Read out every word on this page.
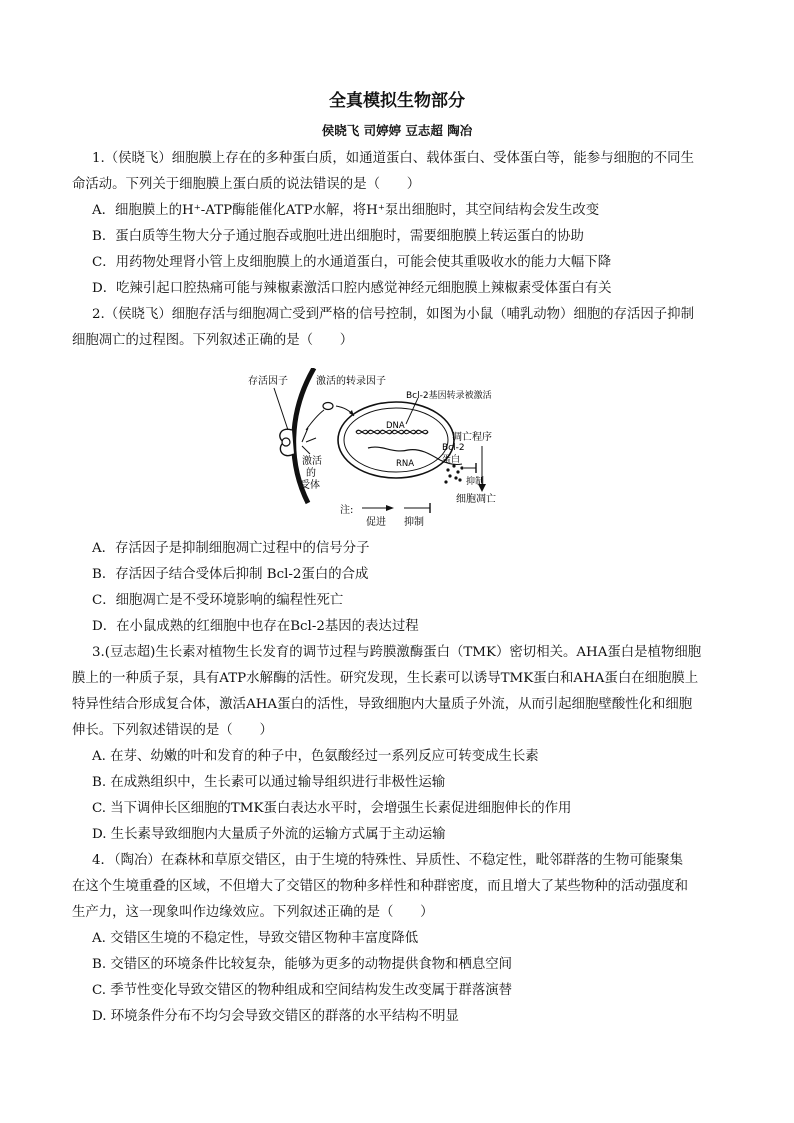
全真模拟生物部分
侯晓飞 司婷婷 豆志超 陶冶
1.（侯晓飞）细胞膜上存在的多种蛋白质，如通道蛋白、载体蛋白、受体蛋白等，能参与细胞的不同生
命活动。下列关于细胞膜上蛋白质的说法错误的是（　　）
A．细胞膜上的H⁺-ATP酶能催化ATP水解，将H⁺泵出细胞时，其空间结构会发生改变
B．蛋白质等生物大分子通过胞吞或胞吐进出细胞时，需要细胞膜上转运蛋白的协助
C．用药物处理肾小管上皮细胞膜上的水通道蛋白，可能会使其重吸收水的能力大幅下降
D．吃辣引起口腔热痛可能与辣椒素激活口腔内感觉神经元细胞膜上辣椒素受体蛋白有关
2.（侯晓飞）细胞存活与细胞凋亡受到严格的信号控制，如图为小鼠（哺乳动物）细胞的存活因子抑制
细胞凋亡的过程图。下列叙述正确的是（　　）
存活因子	激活的转录因子
Bcl-2基因转录被激活
DNA
RNA
凋亡程序
Bcl-2
蛋白
抑制
细胞凋亡
激活
的
受体
注:
促进 抑制
A．存活因子是抑制细胞凋亡过程中的信号分子
B．存活因子结合受体后抑制 Bcl-2蛋白的合成
C．细胞凋亡是不受环境影响的编程性死亡
D．在小鼠成熟的红细胞中也存在Bcl-2基因的表达过程
3.(豆志超)生长素对植物生长发育的调节过程与跨膜激酶蛋白（TMK）密切相关。AHA蛋白是植物细胞
膜上的一种质子泵，具有ATP水解酶的活性。研究发现，生长素可以诱导TMK蛋白和AHA蛋白在细胞膜上
特异性结合形成复合体，激活AHA蛋白的活性，导致细胞内大量质子外流，从而引起细胞壁酸性化和细胞
伸长。下列叙述错误的是（　　）
A. 在芽、幼嫩的叶和发育的种子中，色氨酸经过一系列反应可转变成生长素
B. 在成熟组织中，生长素可以通过输导组织进行非极性运输
C. 当下调伸长区细胞的TMK蛋白表达水平时，会增强生长素促进细胞伸长的作用
D. 生长素导致细胞内大量质子外流的运输方式属于主动运输
4．（陶冶）在森林和草原交错区，由于生境的特殊性、异质性、不稳定性，毗邻群落的生物可能聚集
在这个生境重叠的区域，不但增大了交错区的物种多样性和种群密度，而且增大了某些物种的活动强度和
生产力，这一现象叫作边缘效应。下列叙述正确的是（　　）
A. 交错区生境的不稳定性，导致交错区物种丰富度降低
B. 交错区的环境条件比较复杂，能够为更多的动物提供食物和栖息空间
C. 季节性变化导致交错区的物种组成和空间结构发生改变属于群落演替
D. 环境条件分布不均匀会导致交错区的群落的水平结构不明显
